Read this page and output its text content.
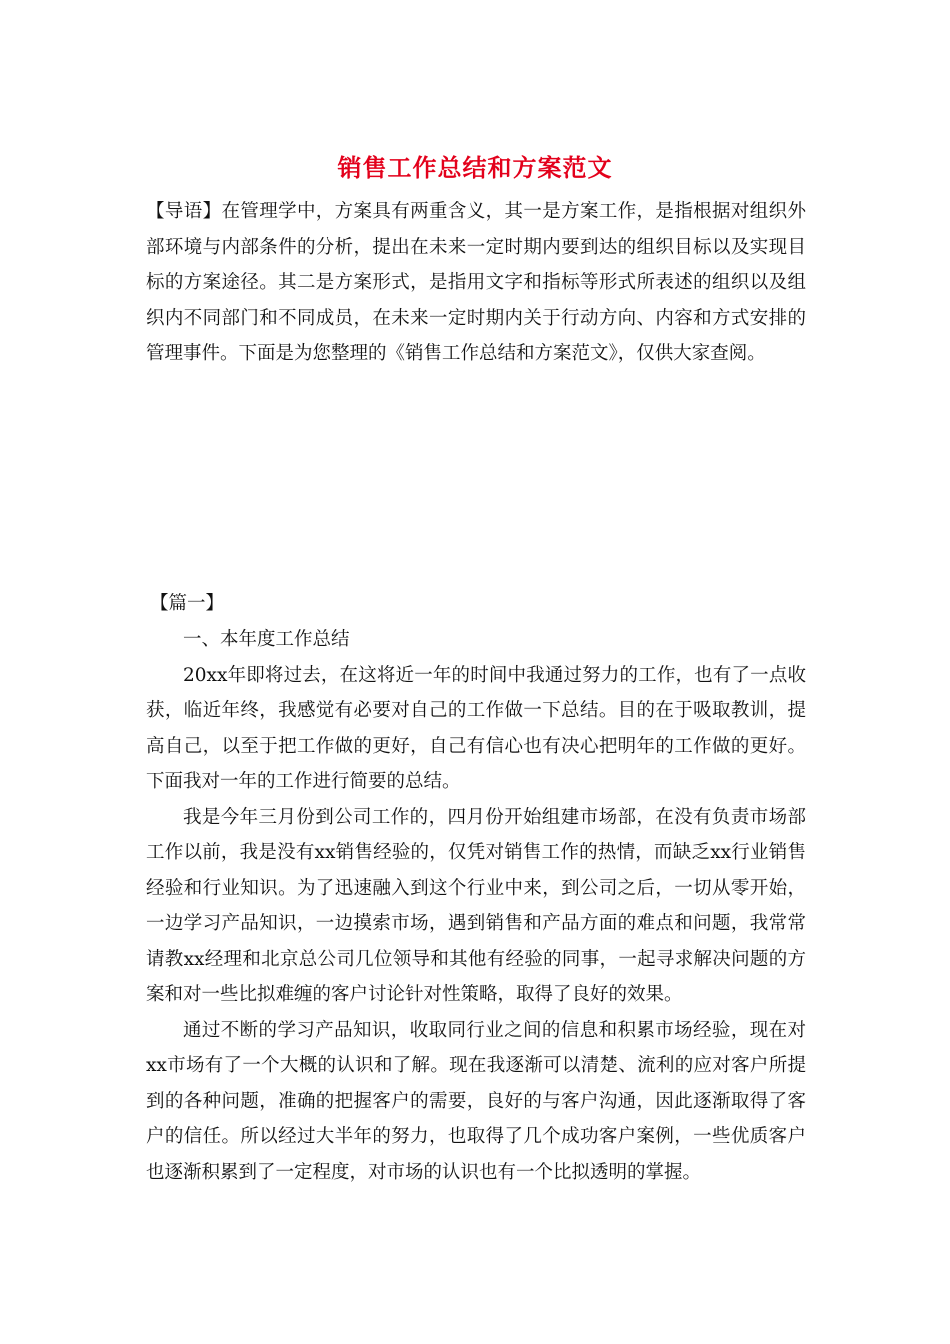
销售工作总结和方案范文
【导语】在管理学中，方案具有两重含义，其一是方案工作，是指根据对组织外部环境与内部条件的分析，提出在未来一定时期内要到达的组织目标以及实现目标的方案途径。其二是方案形式，是指用文字和指标等形式所表述的组织以及组织内不同部门和不同成员，在未来一定时期内关于行动方向、内容和方式安排的管理事件。下面是为您整理的《销售工作总结和方案范文》，仅供大家查阅。
【篇一】

一、本年度工作总结

20xx年即将过去，在这将近一年的时间中我通过努力的工作，也有了一点收获，临近年终，我感觉有必要对自己的工作做一下总结。目的在于吸取教训，提高自己，以至于把工作做的更好，自己有信心也有决心把明年的工作做的更好。下面我对一年的工作进行简要的总结。

我是今年三月份到公司工作的，四月份开始组建市场部，在没有负责市场部工作以前，我是没有xx销售经验的，仅凭对销售工作的热情，而缺乏xx行业销售经验和行业知识。为了迅速融入到这个行业中来，到公司之后，一切从零开始，一边学习产品知识，一边摸索市场，遇到销售和产品方面的难点和问题，我常常请教xx经理和北京总公司几位领导和其他有经验的同事，一起寻求解决问题的方案和对一些比拟难缠的客户讨论针对性策略，取得了良好的效果。

通过不断的学习产品知识，收取同行业之间的信息和积累市场经验，现在对xx市场有了一个大概的认识和了解。现在我逐渐可以清楚、流利的应对客户所提到的各种问题，准确的把握客户的需要，良好的与客户沟通，因此逐渐取得了客户的信任。所以经过大半年的努力，也取得了几个成功客户案例，一些优质客户也逐渐积累到了一定程度，对市场的认识也有一个比拟透明的掌握。
